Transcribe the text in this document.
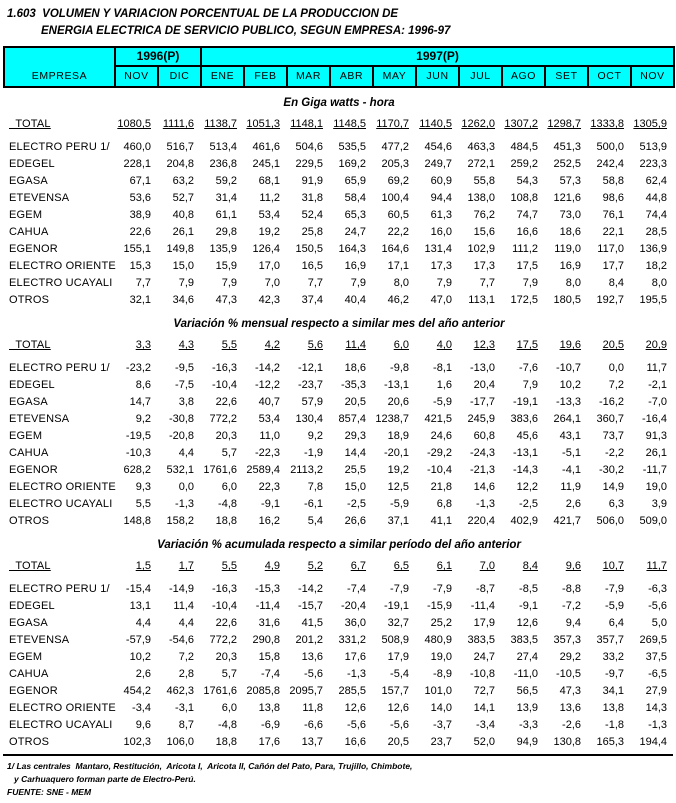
1.603  VOLUMEN Y VARIACION PORCENTUAL DE LA PRODUCCION DE
ENERGIA ELECTRICA DE SERVICIO PUBLICO, SEGUN EMPRESA: 1996-97
EMPRESA	1996(P)		1997(P)										
	NOV	DIC	ENE	FEB	MAR	ABR	MAY	JUN	JUL	AGO	SET	OCT	NOV
En Giga watts - hora													
TOTAL	1080,5	1111,6	1138,7	1051,3	1148,1	1148,5	1170,7	1140,5	1262,0	1307,2	1298,7	1333,8	1305,9
ELECTRO PERU 1/	460,0	516,7	513,4	461,6	504,6	535,5	477,2	454,6	463,3	484,5	451,3	500,0	513,9
EDEGEL	228,1	204,8	236,8	245,1	229,5	169,2	205,3	249,7	272,1	259,2	252,5	242,4	223,3
EGASA	67,1	63,2	59,2	68,1	91,9	65,9	69,2	60,9	55,8	54,3	57,3	58,8	62,4
ETEVENSA	53,6	52,7	31,4	11,2	31,8	58,4	100,4	94,4	138,0	108,8	121,6	98,6	44,8
EGEM	38,9	40,8	61,1	53,4	52,4	65,3	60,5	61,3	76,2	74,7	73,0	76,1	74,4
CAHUA	22,6	26,1	29,8	19,2	25,8	24,7	22,2	16,0	15,6	16,6	18,6	22,1	28,5
EGENOR	155,1	149,8	135,9	126,4	150,5	164,3	164,6	131,4	102,9	111,2	119,0	117,0	136,9
ELECTRO ORIENTE	15,3	15,0	15,9	17,0	16,5	16,9	17,1	17,3	17,3	17,5	16,9	17,7	18,2
ELECTRO UCAYALI	7,7	7,9	7,9	7,0	7,7	7,9	8,0	7,9	7,7	7,9	8,0	8,4	8,0
OTROS	32,1	34,6	47,3	42,3	37,4	40,4	46,2	47,0	113,1	172,5	180,5	192,7	195,5
Variación % mensual respecto a similar mes del año anterior													
TOTAL	3,3	4,3	5,5	4,2	5,6	11,4	6,0	4,0	12,3	17,5	19,6	20,5	20,9
ELECTRO PERU 1/	-23,2	-9,5	-16,3	-14,2	-12,1	18,6	-9,8	-8,1	-13,0	-7,6	-10,7	0,0	11,7
EDEGEL	8,6	-7,5	-10,4	-12,2	-23,7	-35,3	-13,1	1,6	20,4	7,9	10,2	7,2	-2,1
EGASA	14,7	3,8	22,6	40,7	57,9	20,5	20,6	-5,9	-17,7	-19,1	-13,3	-16,2	-7,0
ETEVENSA	9,2	-30,8	772,2	53,4	130,4	857,4	1238,7	421,5	245,9	383,6	264,1	360,7	-16,4
EGEM	-19,5	-20,8	20,3	11,0	9,2	29,3	18,9	24,6	60,8	45,6	43,1	73,7	91,3
CAHUA	-10,3	4,4	5,7	-22,3	-1,9	14,4	-20,1	-29,2	-24,3	-13,1	-5,1	-2,2	26,1
EGENOR	628,2	532,1	1761,6	2589,4	2113,2	25,5	19,2	-10,4	-21,3	-14,3	-4,1	-30,2	-11,7
ELECTRO ORIENTE	9,3	0,0	6,0	22,3	7,8	15,0	12,5	21,8	14,6	12,2	11,9	14,9	19,0
ELECTRO UCAYALI	5,5	-1,3	-4,8	-9,1	-6,1	-2,5	-5,9	6,8	-1,3	-2,5	2,6	6,3	3,9
OTROS	148,8	158,2	18,8	16,2	5,4	26,6	37,1	41,1	220,4	402,9	421,7	506,0	509,0
Variación % acumulada respecto a similar período del año anterior													
TOTAL	1,5	1,7	5,5	4,9	5,2	6,7	6,5	6,1	7,0	8,4	9,6	10,7	11,7
ELECTRO PERU 1/	-15,4	-14,9	-16,3	-15,3	-14,2	-7,4	-7,9	-7,9	-8,7	-8,5	-8,8	-7,9	-6,3
EDEGEL	13,1	11,4	-10,4	-11,4	-15,7	-20,4	-19,1	-15,9	-11,4	-9,1	-7,2	-5,9	-5,6
EGASA	4,4	4,4	22,6	31,6	41,5	36,0	32,7	25,2	17,9	12,6	9,4	6,4	5,0
ETEVENSA	-57,9	-54,6	772,2	290,8	201,2	331,2	508,9	480,9	383,5	383,5	357,3	357,7	269,5
EGEM	10,2	7,2	20,3	15,8	13,6	17,6	17,9	19,0	24,7	27,4	29,2	33,2	37,5
CAHUA	2,6	2,8	5,7	-7,4	-5,6	-1,3	-5,4	-8,9	-10,8	-11,0	-10,5	-9,7	-6,5
EGENOR	454,2	462,3	1761,6	2085,8	2095,7	285,5	157,7	101,0	72,7	56,5	47,3	34,1	27,9
ELECTRO ORIENTE	-3,4	-3,1	6,0	13,8	11,8	12,6	12,6	14,0	14,1	13,9	13,6	13,8	14,3
ELECTRO UCAYALI	9,6	8,7	-4,8	-6,9	-6,6	-5,6	-5,6	-3,7	-3,4	-3,3	-2,6	-1,8	-1,3
OTROS	102,3	106,0	18,8	17,6	13,7	16,6	20,5	23,7	52,0	94,9	130,8	165,3	194,4
1/ Las centrales  Mantaro, Restitución,  Aricota I,  Aricota II, Cañón del Pato, Para, Trujillo, Chimbote,
y Carhuaquero forman parte de Electro-Perú.
FUENTE: SNE - MEM
